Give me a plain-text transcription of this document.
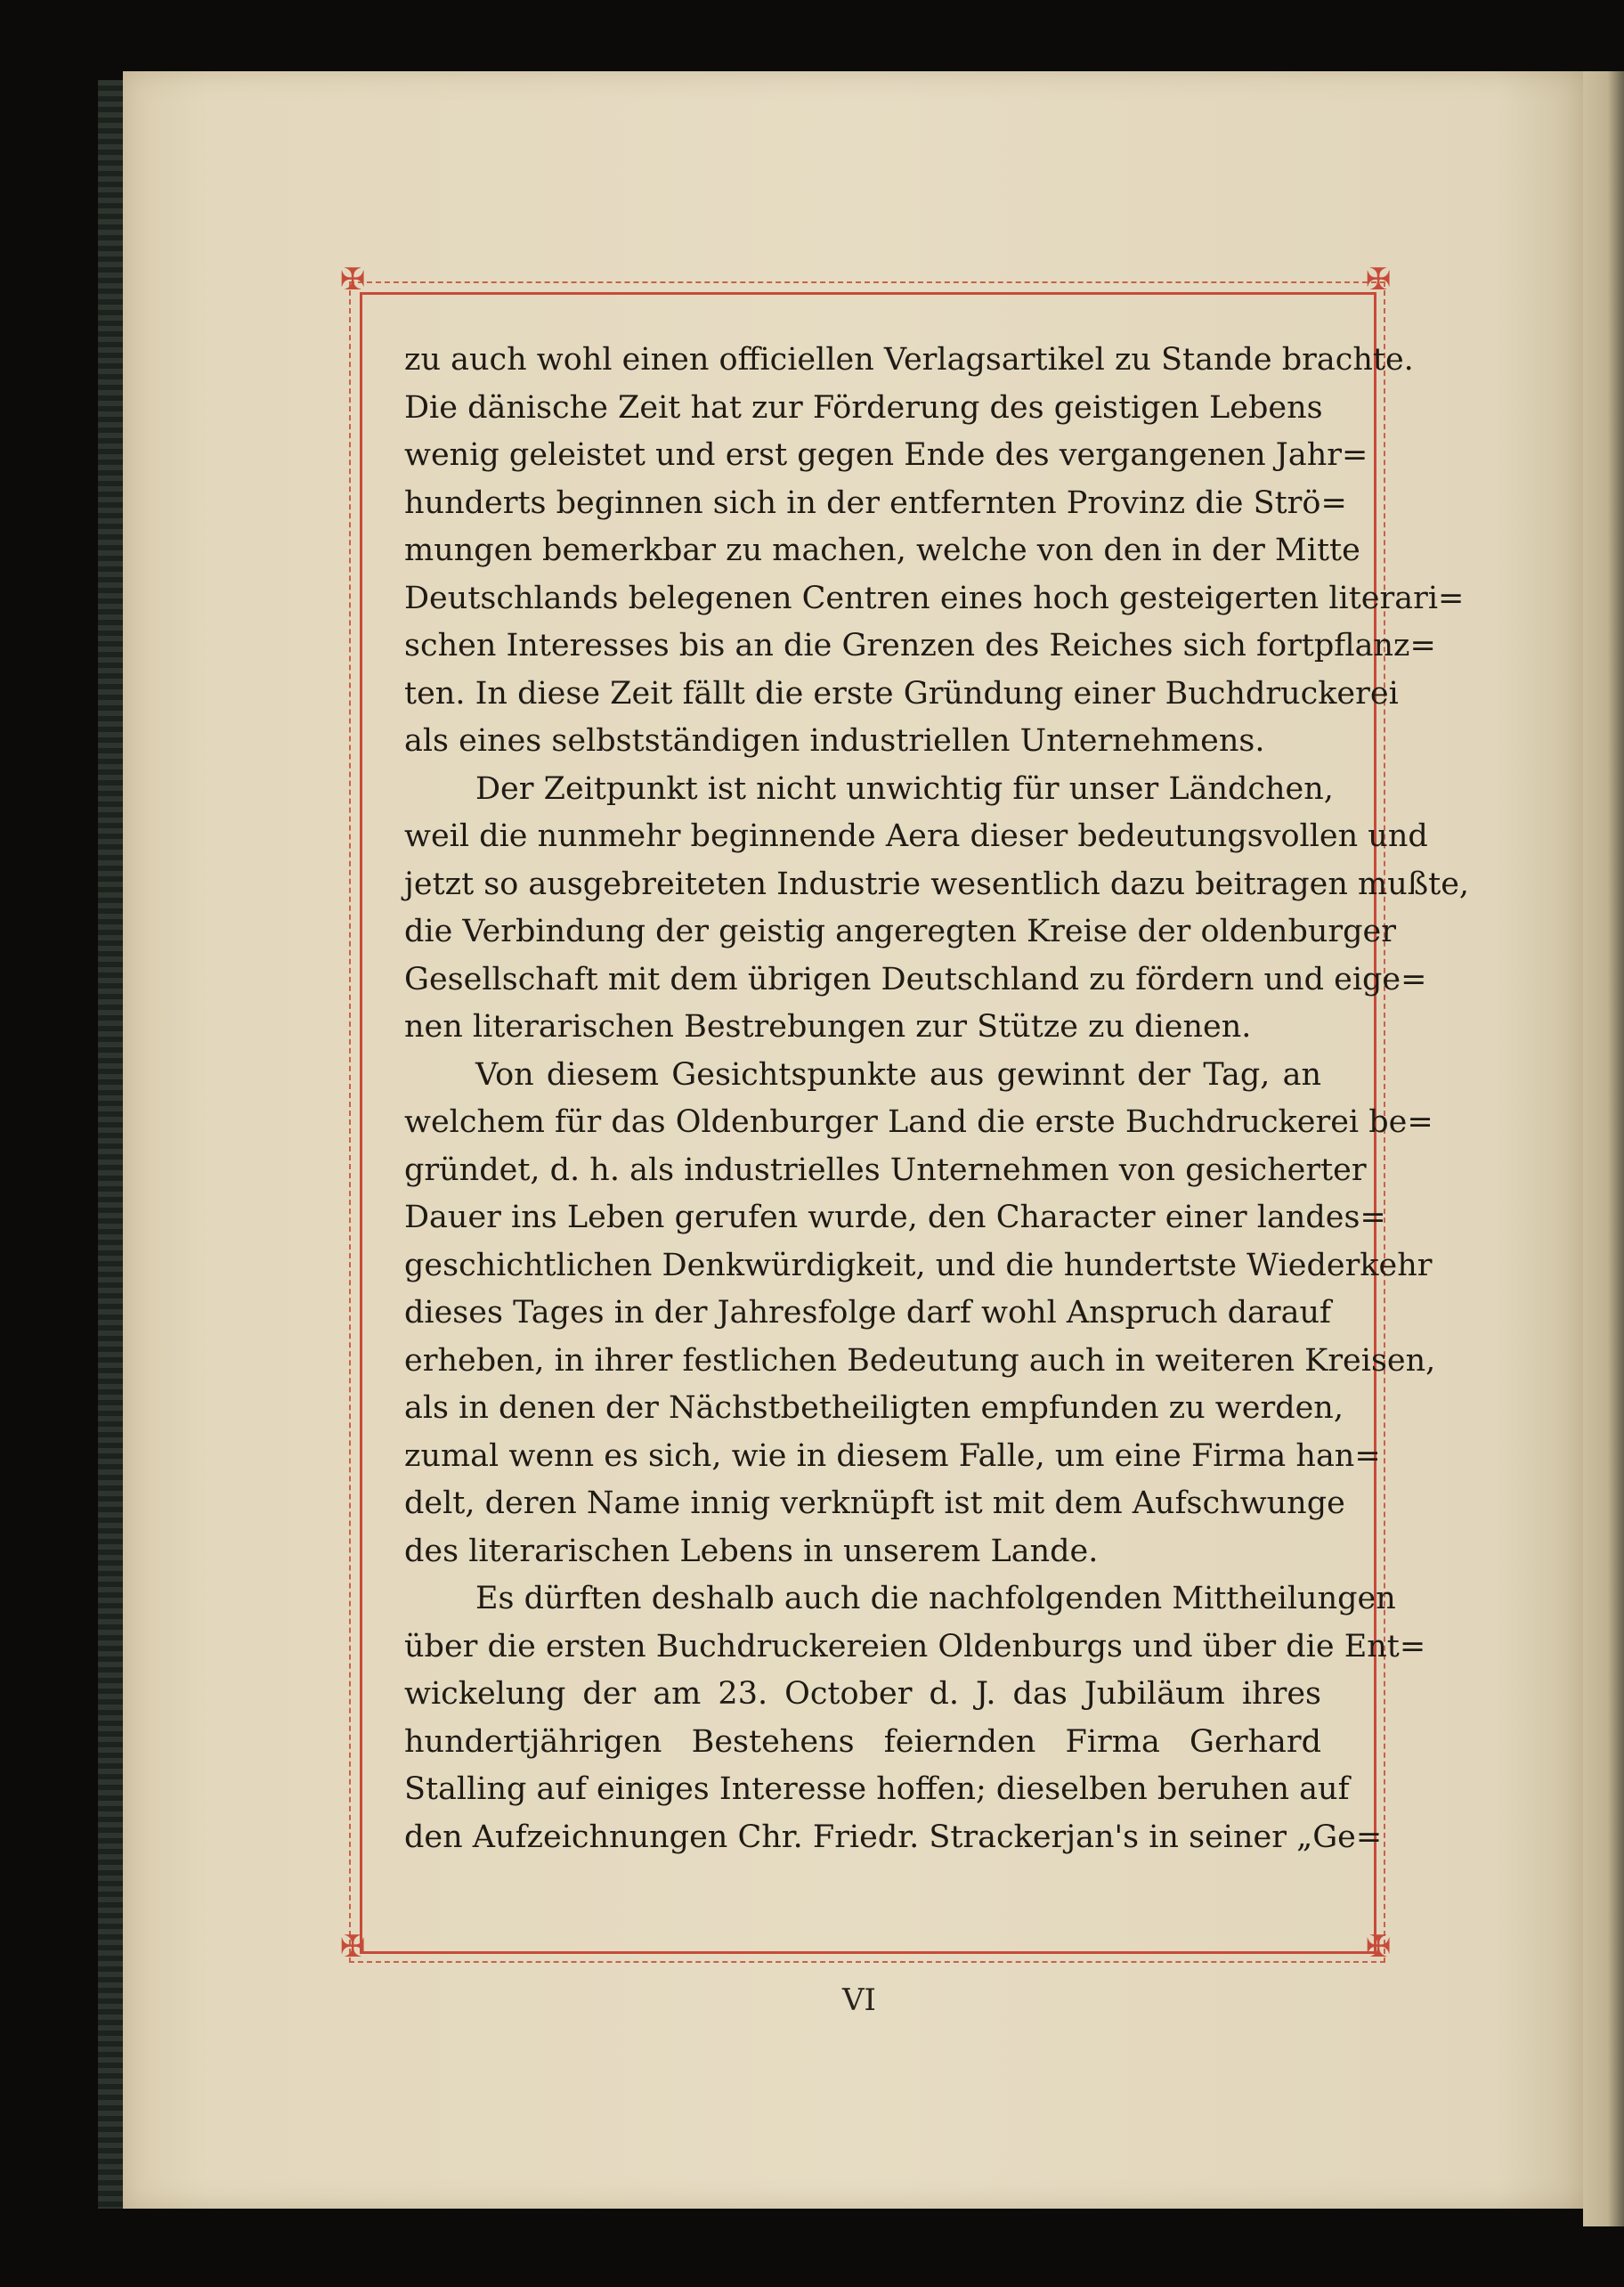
✠	✠
✠	✠
zu auch wohl einen officiellen Verlagsartikel zu Stande brachte.
Die dänische Zeit hat zur Förderung des geistigen Lebens
wenig geleistet und erst gegen Ende des vergangenen Jahr=
hunderts beginnen sich in der entfernten Provinz die Strö=
mungen bemerkbar zu machen, welche von den in der Mitte
Deutschlands belegenen Centren eines hoch gesteigerten literari=
schen Interesses bis an die Grenzen des Reiches sich fortpflanz=
ten. In diese Zeit fällt die erste Gründung einer Buchdruckerei
als eines selbstständigen industriellen Unternehmens.
Der Zeitpunkt ist nicht unwichtig für unser Ländchen,
weil die nunmehr beginnende Aera dieser bedeutungsvollen und
jetzt so ausgebreiteten Industrie wesentlich dazu beitragen mußte,
die Verbindung der geistig angeregten Kreise der oldenburger
Gesellschaft mit dem übrigen Deutschland zu fördern und eige=
nen literarischen Bestrebungen zur Stütze zu dienen.
Von diesem Gesichtspunkte aus gewinnt der Tag, an
welchem für das Oldenburger Land die erste Buchdruckerei be=
gründet, d. h. als industrielles Unternehmen von gesicherter
Dauer ins Leben gerufen wurde, den Character einer landes=
geschichtlichen Denkwürdigkeit, und die hundertste Wiederkehr
dieses Tages in der Jahresfolge darf wohl Anspruch darauf
erheben, in ihrer festlichen Bedeutung auch in weiteren Kreisen,
als in denen der Nächstbetheiligten empfunden zu werden,
zumal wenn es sich, wie in diesem Falle, um eine Firma han=
delt, deren Name innig verknüpft ist mit dem Aufschwunge
des literarischen Lebens in unserem Lande.
Es dürften deshalb auch die nachfolgenden Mittheilungen
über die ersten Buchdruckereien Oldenburgs und über die Ent=
wickelung der am 23. October d. J. das Jubiläum ihres
hundertjährigen Bestehens feiernden Firma Gerhard
Stalling auf einiges Interesse hoffen; dieselben beruhen auf
den Aufzeichnungen Chr. Friedr. Strackerjan's in seiner „Ge=
VI
